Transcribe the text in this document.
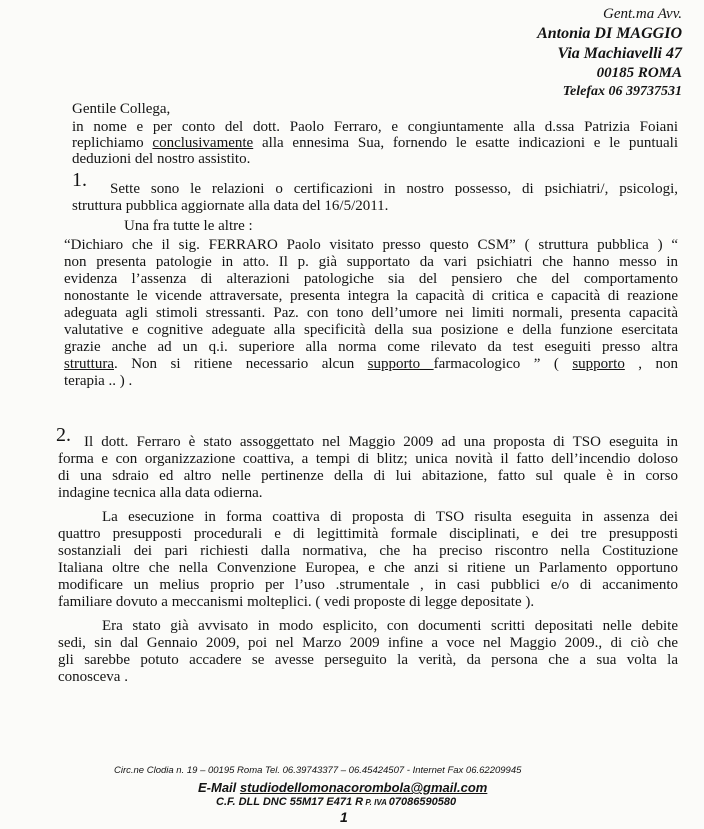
Gent.ma Avv.
Antonia DI MAGGIO
Via Machiavelli 47
00185 ROMA
Telefax 06 39737531
Gentile Collega,
in nome e per conto del dott. Paolo Ferraro, e congiuntamente alla d.ssa Patrizia Foiani
replichiamo conclusivamente alla ennesima Sua, fornendo le esatte indicazioni e le puntuali
deduzioni del nostro assistito.
1. Sette sono le relazioni o certificazioni in nostro possesso, di psichiatri/, psicologi,
struttura pubblica aggiornate alla data del 16/5/2011.
Una fra tutte le altre :
“Dichiaro che il sig. FERRARO Paolo visitato presso questo CSM” ( struttura pubblica ) “
non presenta patologie in atto. Il p. già supportato da vari psichiatri che hanno messo in
evidenza l’assenza di alterazioni patologiche sia del pensiero che del comportamento
nonostante le vicende attraversate, presenta integra la capacità di critica e capacità di reazione
adeguata agli stimoli stressanti. Paz. con tono dell’umore nei limiti normali, presenta capacità
valutative e cognitive adeguate alla specificità della sua posizione e della funzione esercitata
grazie anche ad un q.i. superiore alla norma come rilevato da test eseguiti presso altra
struttura. Non si ritiene necessario alcun supporto farmacologico ” ( supporto , non
terapia .. ) .
2. Il dott. Ferraro è stato assoggettato nel Maggio 2009 ad una proposta di TSO eseguita in
forma e con organizzazione coattiva, a tempi di blitz; unica novità il fatto dell’incendio doloso
di una sdraio ed altro nelle pertinenze della di lui abitazione, fatto sul quale è in corso
indagine tecnica alla data odierna.
La esecuzione in forma coattiva di proposta di TSO risulta eseguita in assenza dei
quattro presupposti procedurali e di legittimità formale disciplinati, e dei tre presupposti
sostanziali dei pari richiesti dalla normativa, che ha preciso riscontro nella Costituzione
Italiana oltre che nella Convenzione Europea, e che anzi si ritiene un Parlamento opportuno
modificare un melius proprio per l’uso .strumentale , in casi pubblici e/o di accanimento
familiare dovuto a meccanismi molteplici. ( vedi proposte di legge depositate ).
Era stato già avvisato in modo esplicito, con documenti scritti depositati nelle debite
sedi, sin dal Gennaio 2009, poi nel Marzo 2009 infine a voce nel Maggio 2009., di ciò che
gli sarebbe potuto accadere se avesse perseguito la verità, da persona che a sua volta la
conosceva .
Circ.ne Clodia n. 19 – 00195 Roma Tel. 06.39743377 – 06.45424507 - Internet Fax 06.62209945
E-Mail studiodellomonacorombola@gmail.com
C.F. DLL DNC 55M17 E471 R P. IVA 07086590580
1
